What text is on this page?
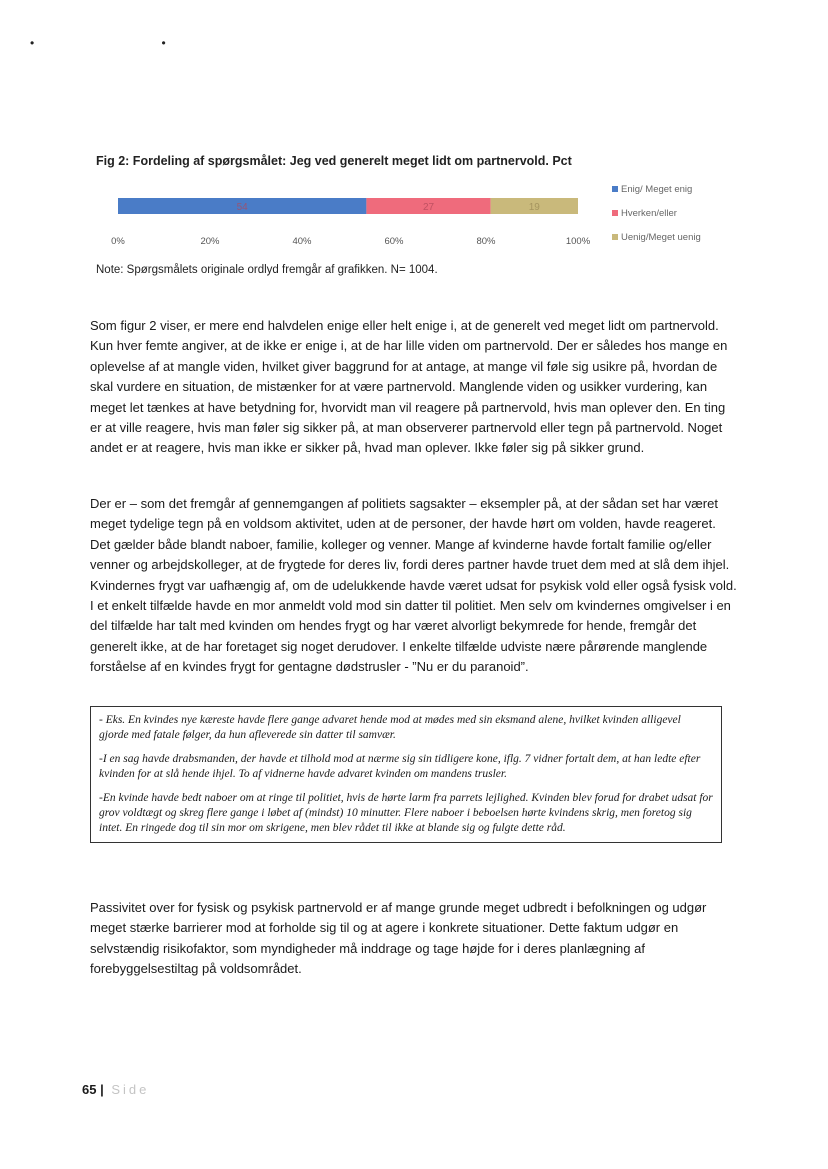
• •
Fig 2: Fordeling af spørgsmålet: Jeg ved generelt meget lidt om partnervold. Pct
54	27	19
0%	20%	40%	60%	80%	100%
Enig/ Meget enig
Hverken/eller
Uenig/Meget uenig
Note: Spørgsmålets originale ordlyd fremgår af grafikken. N= 1004.

Som figur 2 viser, er mere end halvdelen enige eller helt enige i, at de generelt ved meget lidt om partnervold. Kun hver femte angiver, at de ikke er enige i, at de har lille viden om partnervold. Der er således hos mange en oplevelse af at mangle viden, hvilket giver baggrund for at antage, at mange vil føle sig usikre på, hvordan de skal vurdere en situation, de mistænker for at være partnervold. Manglende viden og usikker vurdering, kan meget let tænkes at have betydning for, hvorvidt man vil reagere på partnervold, hvis man oplever den. En ting er at ville reagere, hvis man føler sig sikker på, at man observerer partnervold eller tegn på partnervold. Noget andet er at reagere, hvis man ikke er sikker på, hvad man oplever. Ikke føler sig på sikker grund.

Der er – som det fremgår af gennemgangen af politiets sagsakter – eksempler på, at der sådan set har været meget tydelige tegn på en voldsom aktivitet, uden at de personer, der havde hørt om volden, havde reageret. Det gælder både blandt naboer, familie, kolleger og venner. Mange af kvinderne havde fortalt familie og/eller venner og arbejdskolleger, at de frygtede for deres liv, fordi deres partner havde truet dem med at slå dem ihjel. Kvindernes frygt var uafhængig af, om de udelukkende havde været udsat for psykisk vold eller også fysisk vold. I et enkelt tilfælde havde en mor anmeldt vold mod sin datter til politiet. Men selv om kvindernes omgivelser i en del tilfælde har talt med kvinden om hendes frygt og har været alvorligt bekymrede for hende, fremgår det generelt ikke, at de har foretaget sig noget derudover. I enkelte tilfælde udviste nære pårørende manglende forståelse af en kvindes frygt for gentagne dødstrusler - ”Nu er du paranoid”.

- Eks. En kvindes nye kæreste havde flere gange advaret hende mod at mødes med sin eksmand alene, hvilket kvinden alligevel gjorde med fatale følger, da hun afleverede sin datter til samvær.

-I en sag havde drabsmanden, der havde et tilhold mod at nærme sig sin tidligere kone, iflg. 7 vidner fortalt dem, at han ledte efter kvinden for at slå hende ihjel. To af vidnerne havde advaret kvinden om mandens trusler.

-En kvinde havde bedt naboer om at ringe til politiet, hvis de hørte larm fra parrets lejlighed. Kvinden blev forud for drabet udsat for grov voldtægt og skreg flere gange i løbet af (mindst) 10 minutter. Flere naboer i beboelsen hørte kvindens skrig, men foretog sig intet. En ringede dog til sin mor om skrigene, men blev rådet til ikke at blande sig og fulgte dette råd.

Passivitet over for fysisk og psykisk partnervold er af mange grunde meget udbredt i befolkningen og udgør meget stærke barrierer mod at forholde sig til og at agere i konkrete situationer. Dette faktum udgør en selvstændig risikofaktor, som myndigheder må inddrage og tage højde for i deres planlægning af forebyggelsestiltag på voldsområdet.

65 | Side
